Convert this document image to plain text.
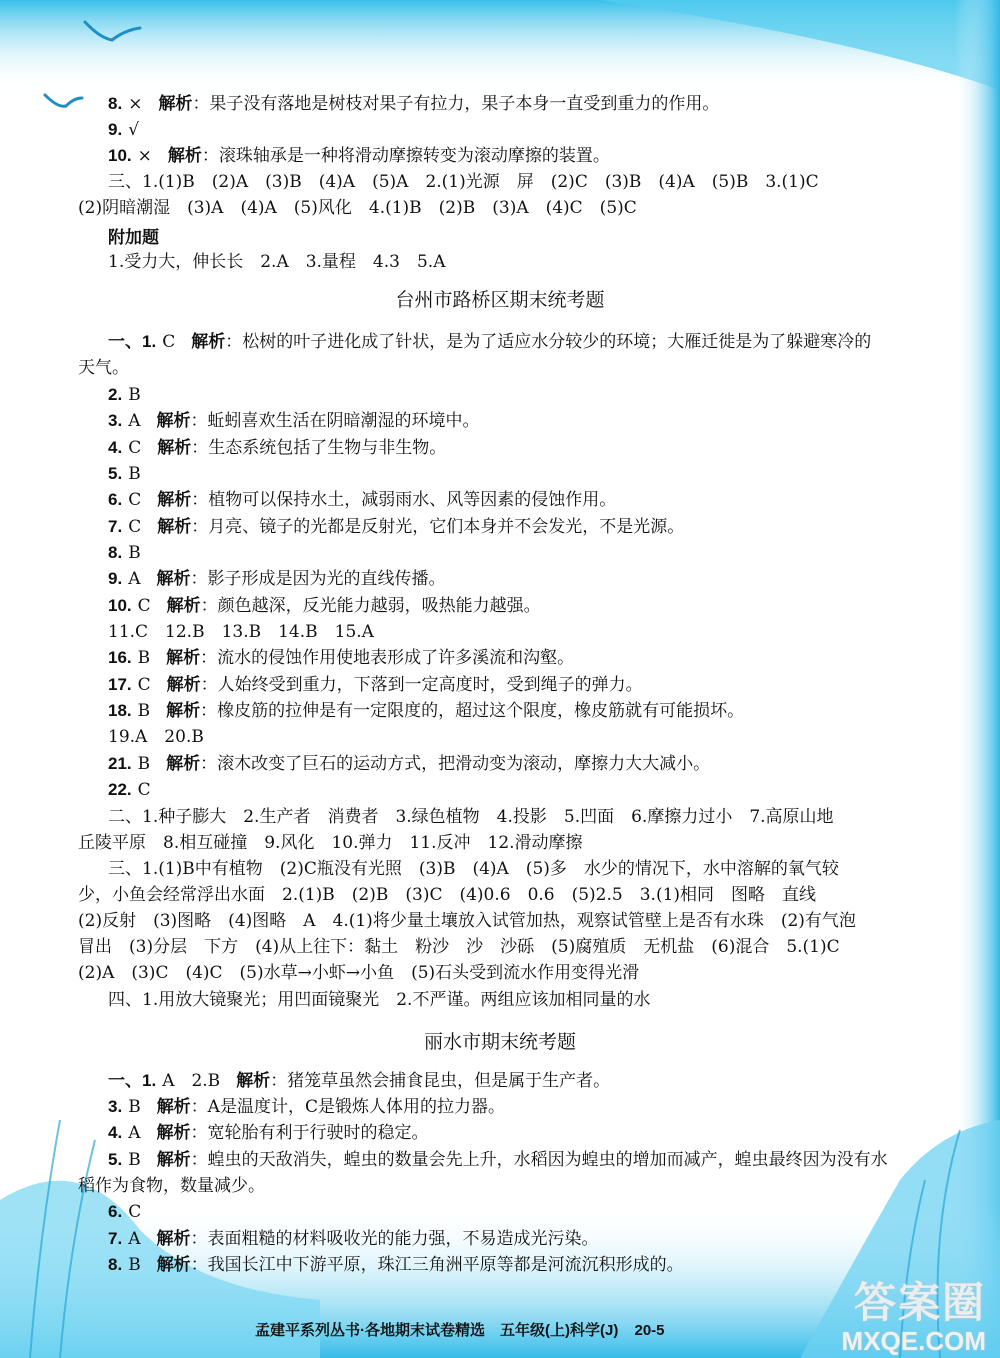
8. × 解析：果子没有落地是树枝对果子有拉力，果子本身一直受到重力的作用。
9. √
10. × 解析：滚珠轴承是一种将滑动摩擦转变为滚动摩擦的装置。
三、1.(1)B　(2)A　(3)B　(4)A　(5)A　2.(1)光源　屏　(2)C　(3)B　(4)A　(5)B　3.(1)C
(2)阴暗潮湿　(3)A　(4)A　(5)风化　4.(1)B　(2)B　(3)A　(4)C　(5)C
附加题
1.受力大，伸长长　2.A　3.量程　4.3　5.A
台州市路桥区期末统考题
一、1. C 解析：松树的叶子进化成了针状，是为了适应水分较少的环境；大雁迁徙是为了躲避寒冷的
天气。
2. B
3. A 解析：蚯蚓喜欢生活在阴暗潮湿的环境中。
4. C 解析：生态系统包括了生物与非生物。
5. B
6. C 解析：植物可以保持水土，减弱雨水、风等因素的侵蚀作用。
7. C 解析：月亮、镜子的光都是反射光，它们本身并不会发光，不是光源。
8. B
9. A 解析：影子形成是因为光的直线传播。
10. C 解析：颜色越深，反光能力越弱，吸热能力越强。
11.C　12.B　13.B　14.B　15.A
16. B 解析：流水的侵蚀作用使地表形成了许多溪流和沟壑。
17. C 解析：人始终受到重力，下落到一定高度时，受到绳子的弹力。
18. B 解析：橡皮筋的拉伸是有一定限度的，超过这个限度，橡皮筋就有可能损坏。
19.A　20.B
21. B 解析：滚木改变了巨石的运动方式，把滑动变为滚动，摩擦力大大减小。
22. C
二、1.种子膨大　2.生产者　消费者　3.绿色植物　4.投影　5.凹面　6.摩擦力过小　7.高原山地
丘陵平原　8.相互碰撞　9.风化　10.弹力　11.反冲　12.滑动摩擦
三、1.(1)B中有植物　(2)C瓶没有光照　(3)B　(4)A　(5)多　水少的情况下，水中溶解的氧气较
少，小鱼会经常浮出水面　2.(1)B　(2)B　(3)C　(4)0.6　0.6　(5)2.5　3.(1)相同　图略　直线
(2)反射　(3)图略　(4)图略　A　4.(1)将少量土壤放入试管加热，观察试管壁上是否有水珠　(2)有气泡
冒出　(3)分层　下方　(4)从上往下：黏土　粉沙　沙　沙砾　(5)腐殖质　无机盐　(6)混合　5.(1)C
(2)A　(3)C　(4)C　(5)水草→小虾→小鱼　(5)石头受到流水作用变得光滑
四、1.用放大镜聚光；用凹面镜聚光　2.不严谨。两组应该加相同量的水
丽水市期末统考题
一、1. A　2.B 解析：猪笼草虽然会捕食昆虫，但是属于生产者。
3. B 解析：A是温度计，C是锻炼人体用的拉力器。
4. A 解析：宽轮胎有利于行驶时的稳定。
5. B 解析：蝗虫的天敌消失，蝗虫的数量会先上升，水稻因为蝗虫的增加而减产，蝗虫最终因为没有水
稻作为食物，数量减少。
6. C
7. A 解析：表面粗糙的材料吸收光的能力强，不易造成光污染。
8. B 解析：我国长江中下游平原，珠江三角洲平原等都是河流沉积形成的。
孟建平系列丛书·各地期末试卷精选　五年级(上)科学(J) 20-5
答案圈
MXQE.COM
